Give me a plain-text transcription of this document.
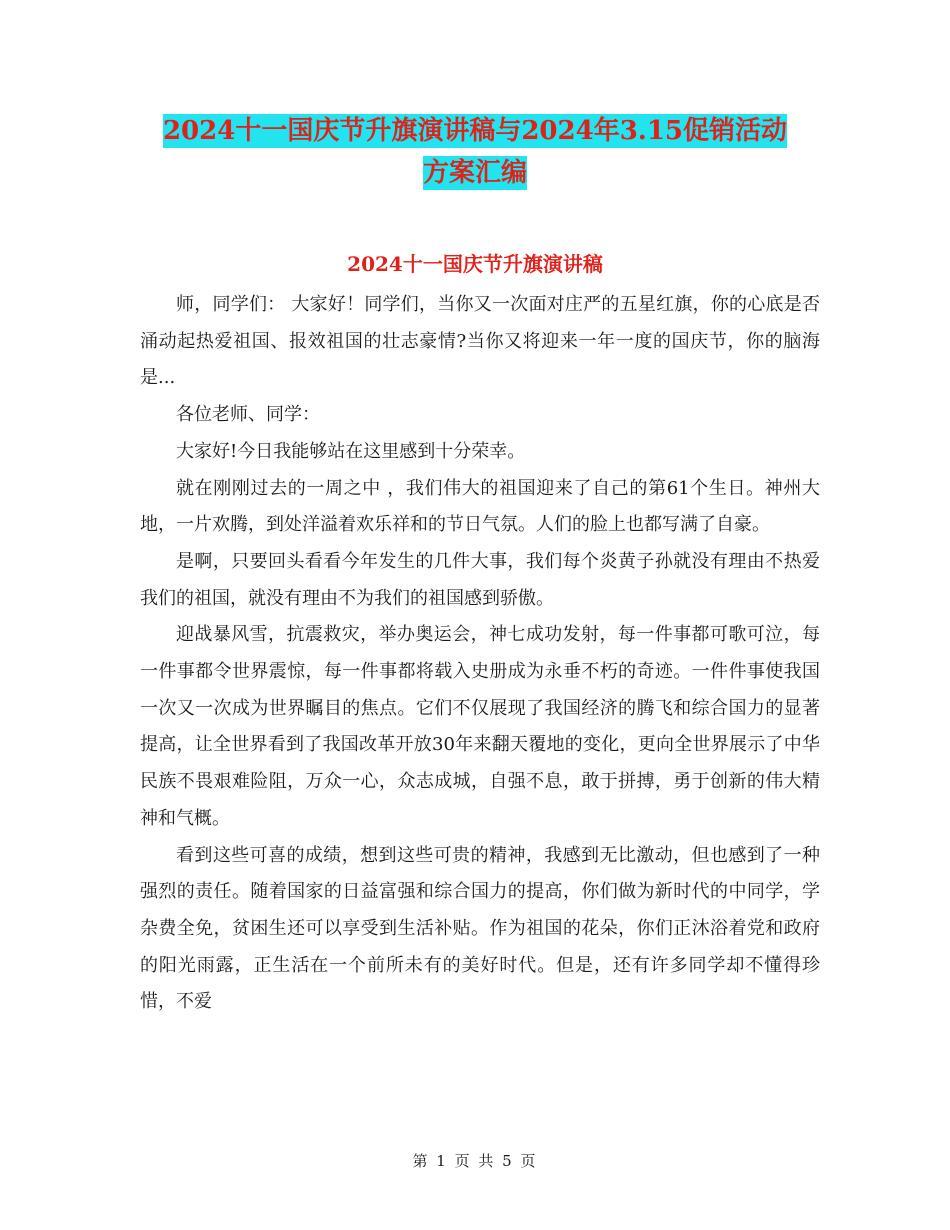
2024十一国庆节升旗演讲稿与2024年3.15促销活动
方案汇编
2024十一国庆节升旗演讲稿

师，同学们： 大家好！同学们，当你又一次面对庄严的五星红旗，你的心底是否涌动起热爱祖国、报效祖国的壮志豪情?当你又将迎来一年一度的国庆节，你的脑海是...

各位老师、同学：

大家好!今日我能够站在这里感到十分荣幸。

就在刚刚过去的一周之中 ，我们伟大的祖国迎来了自己的第61个生日。神州大地，一片欢腾，到处洋溢着欢乐祥和的节日气氛。人们的脸上也都写满了自豪。

是啊，只要回头看看今年发生的几件大事，我们每个炎黄子孙就没有理由不热爱我们的祖国，就没有理由不为我们的祖国感到骄傲。

迎战暴风雪，抗震救灾，举办奥运会，神七成功发射，每一件事都可歌可泣，每一件事都令世界震惊，每一件事都将载入史册成为永垂不朽的奇迹。一件件事使我国一次又一次成为世界瞩目的焦点。它们不仅展现了我国经济的腾飞和综合国力的显著提高，让全世界看到了我国改革开放30年来翻天覆地的变化，更向全世界展示了中华民族不畏艰难险阻，万众一心，众志成城，自强不息，敢于拼搏，勇于创新的伟大精神和气概。

看到这些可喜的成绩，想到这些可贵的精神，我感到无比激动，但也感到了一种强烈的责任。随着国家的日益富强和综合国力的提高，你们做为新时代的中同学，学杂费全免，贫困生还可以享受到生活补贴。作为祖国的花朵，你们正沐浴着党和政府的阳光雨露，正生活在一个前所未有的美好时代。但是，还有许多同学却不懂得珍惜，不爱

第 1 页 共 5 页
